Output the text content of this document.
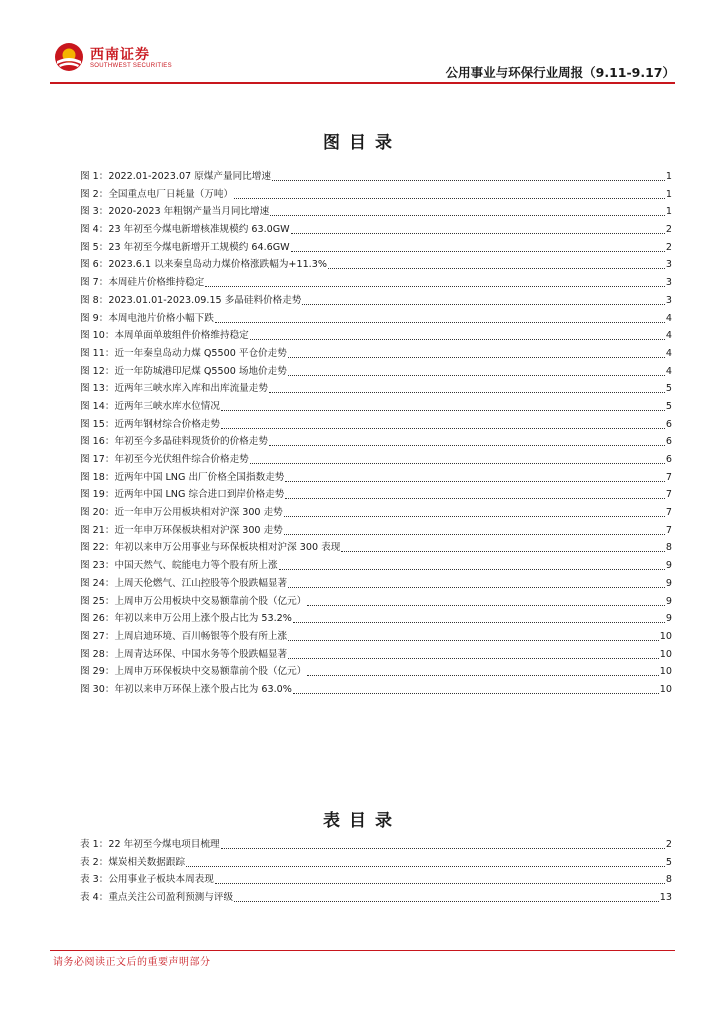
西南证券
SOUTHWEST SECURITIES	公用事业与环保行业周报（9.11-9.17）
图目录
图 1：2022.01-2023.07 原煤产量同比增速	1
图 2：全国重点电厂日耗量（万吨）	1
图 3：2020-2023 年粗钢产量当月同比增速	1
图 4：23 年初至今煤电新增核准规模约 63.0GW	2
图 5：23 年初至今煤电新增开工规模约 64.6GW	2
图 6：2023.6.1 以来秦皇岛动力煤价格涨跌幅为+11.3%	3
图 7：本周硅片价格维持稳定	3
图 8：2023.01.01-2023.09.15 多晶硅料价格走势	3
图 9：本周电池片价格小幅下跌	4
图 10：本周单面单玻组件价格维持稳定	4
图 11：近一年秦皇岛动力煤 Q5500 平仓价走势	4
图 12：近一年防城港印尼煤 Q5500 场地价走势	4
图 13：近两年三峡水库入库和出库流量走势	5
图 14：近两年三峡水库水位情况	5
图 15：近两年钢材综合价格走势	6
图 16：年初至今多晶硅料现货价的价格走势	6
图 17：年初至今光伏组件综合价格走势	6
图 18：近两年中国 LNG 出厂价格全国指数走势	7
图 19：近两年中国 LNG 综合进口到岸价格走势	7
图 20：近一年申万公用板块相对沪深 300 走势	7
图 21：近一年申万环保板块相对沪深 300 走势	7
图 22：年初以来申万公用事业与环保板块相对沪深 300 表现	8
图 23：中国天然气、皖能电力等个股有所上涨	9
图 24：上周天伦燃气、江山控股等个股跌幅显著	9
图 25：上周申万公用板块中交易额靠前个股（亿元）	9
图 26：年初以来申万公用上涨个股占比为 53.2%	9
图 27：上周启迪环境、百川畅银等个股有所上涨	10
图 28：上周青达环保、中国水务等个股跌幅显著	10
图 29：上周申万环保板块中交易额靠前个股（亿元）	10
图 30：年初以来申万环保上涨个股占比为 63.0%	10
表目录
表 1：22 年初至今煤电项目梳理	2
表 2：煤炭相关数据跟踪	5
表 3：公用事业子板块本周表现	8
表 4：重点关注公司盈利预测与评级	13
请务必阅读正文后的重要声明部分
